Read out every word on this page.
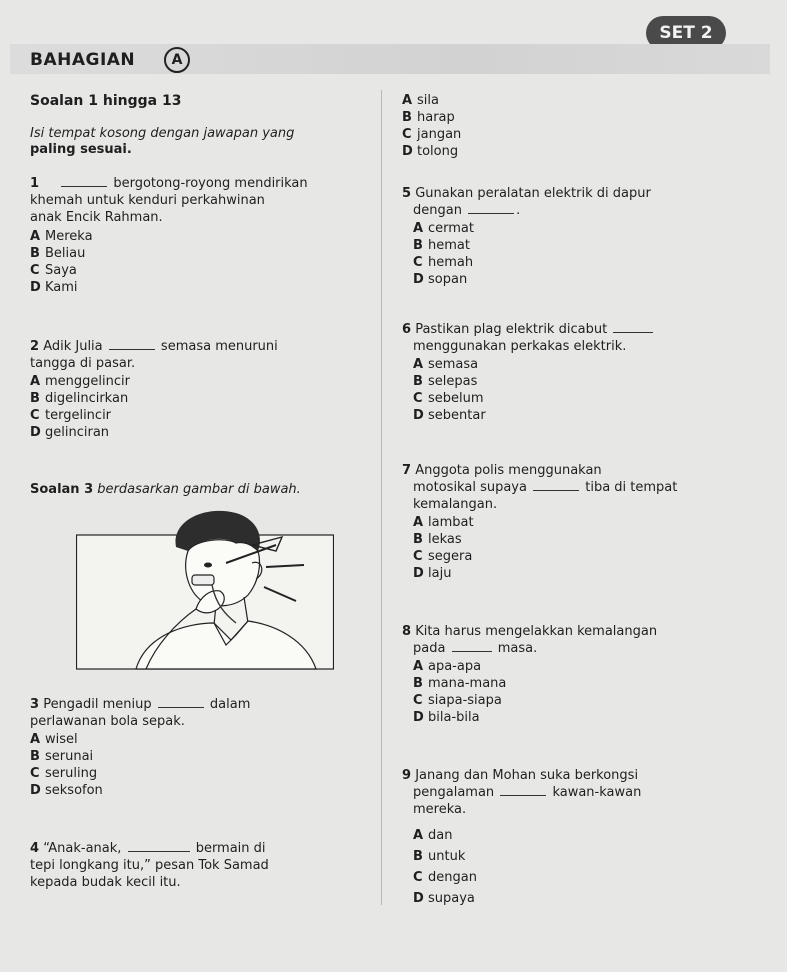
SET 2
BAHAGIAN	A
Soalan 1 hingga 13
Isi tempat kosong dengan jawapan yang
paling sesuai.
1	bergotong-royong mendirikan
khemah untuk kenduri perkahwinan
anak Encik Rahman.
A Mereka
B Beliau
C Saya
D Kami
2 Adik Julia	semasa menuruni
tangga di pasar.
A menggelincir
B digelincirkan
C tergelincir
D gelinciran
Soalan 3 berdasarkan gambar di bawah.
3 Pengadil meniup	dalam
perlawanan bola sepak.
A wisel
B serunai
C seruling
D seksofon
4 “Anak-anak,	bermain di
tepi longkang itu,” pesan Tok Samad
kepada budak kecil itu.
A sila
B harap
C jangan
D tolong
5 Gunakan peralatan elektrik di dapur
dengan	.
A cermat
B hemat
C hemah
D sopan
6 Pastikan plag elektrik dicabut
menggunakan perkakas elektrik.
A semasa
B selepas
C sebelum
D sebentar
7 Anggota polis menggunakan
motosikal supaya	tiba di tempat
kemalangan.
A lambat
B lekas
C segera
D laju
8 Kita harus mengelakkan kemalangan
pada	masa.
A apa-apa
B mana-mana
C siapa-siapa
D bila-bila
9 Janang dan Mohan suka berkongsi
pengalaman	kawan-kawan
mereka.
A dan
B untuk
C dengan
D supaya
